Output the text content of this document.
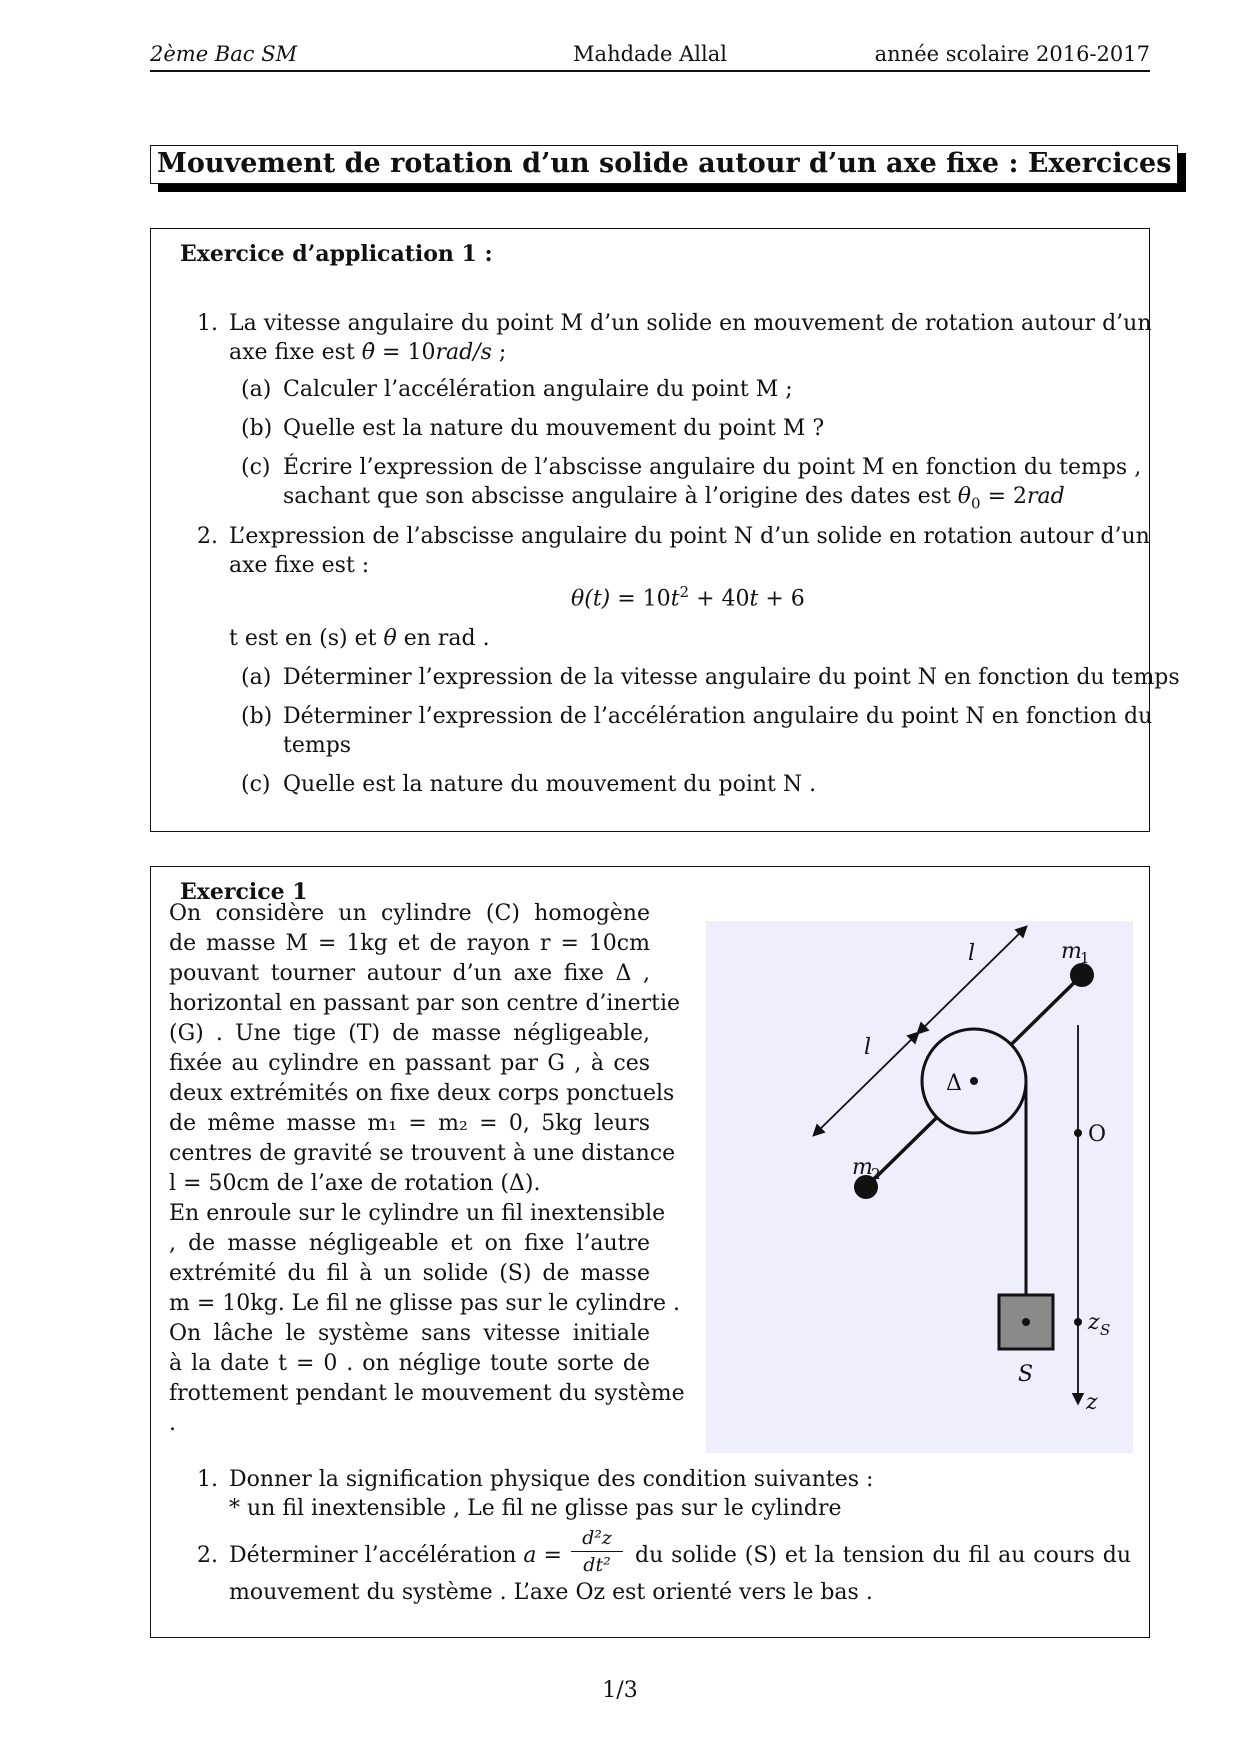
2ème Bac SM	Mahdade Allal	année scolaire 2016-2017
Mouvement de rotation d’un solide autour d’un axe fixe : Exercices
Exercice d’application 1 :
1. La vitesse angulaire du point M d’un solide en mouvement de rotation autour d’un
axe fixe est θ̇ = 10rad/s ;
(a) Calculer l’accélération angulaire du point M ;
(b) Quelle est la nature du mouvement du point M ?
(c) Écrire l’expression de l’abscisse angulaire du point M en fonction du temps ,
sachant que son abscisse angulaire à l’origine des dates est $\theta_0 = 2rad$
2. L’expression de l’abscisse angulaire du point N d’un solide en rotation autour d’un
axe fixe est :
$\theta(t) = 10t^2 + 40t + 6$
t est en (s) et θ en rad .
(a) Déterminer l’expression de la vitesse angulaire du point N en fonction du temps
(b) Déterminer l’expression de l’accélération angulaire du point N en fonction du
temps
(c) Quelle est la nature du mouvement du point N .
Exercice 1
On considère un cylindre (C) homogène
de masse M = 1kg et de rayon r = 10cm
pouvant tourner autour d’un axe fixe Δ ,
horizontal en passant par son centre d’inertie
(G) . Une tige (T) de masse négligeable,
fixée au cylindre en passant par G , à ces
deux extrémités on fixe deux corps ponctuels
de même masse m₁ = m₂ = 0, 5kg leurs
centres de gravité se trouvent à une distance
l = 50cm de l’axe de rotation (Δ).
En enroule sur le cylindre un fil inextensible
, de masse négligeable et on fixe l’autre
extrémité du fil à un solide (S) de masse
m = 10kg. Le fil ne glisse pas sur le cylindre .
On lâche le système sans vitesse initiale
à la date t = 0 . on néglige toute sorte de
frottement pendant le mouvement du système
.
l
l
m
1
m
2
Δ
O
z S
S
z
1. Donner la signification physique des condition suivantes :
* un fil inextensible , Le fil ne glisse pas sur le cylindre
2. Déterminer l’accélération $a = \frac{\text{d²z}}{\text{dt²}}$ du solide (S) et la tension du fil au cours du
mouvement du système . L’axe Oz est orienté vers le bas .
1/3
